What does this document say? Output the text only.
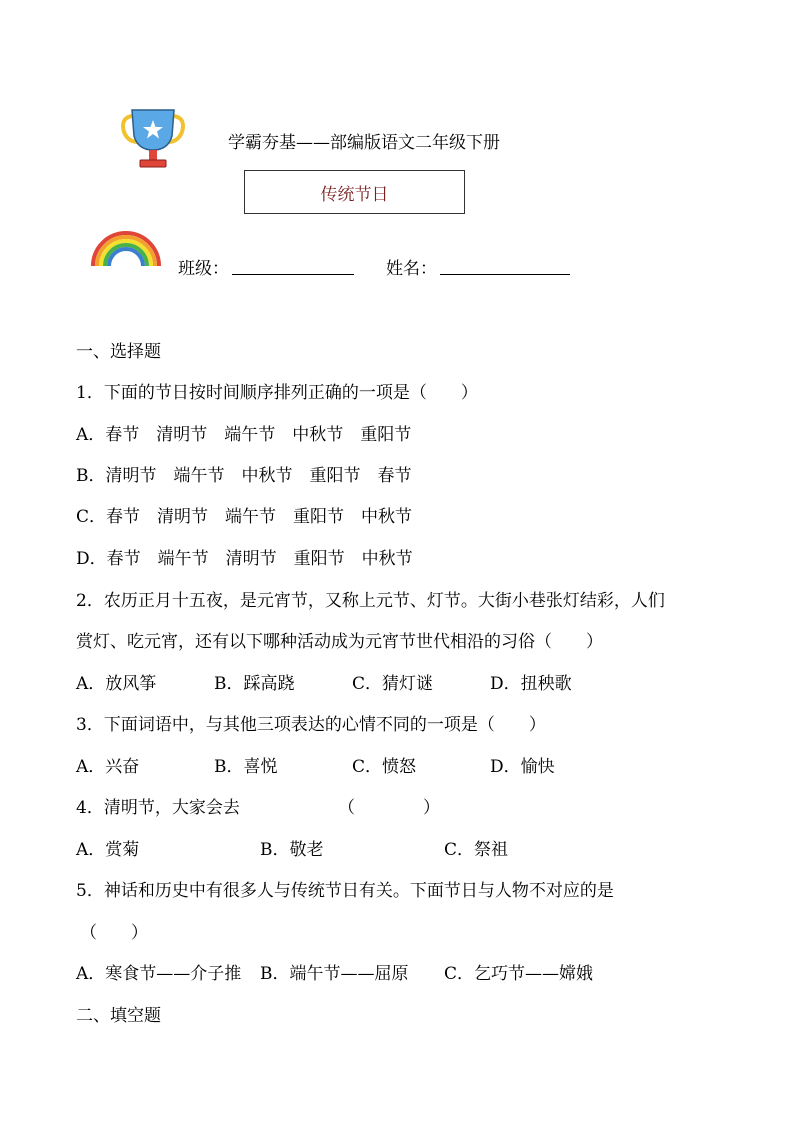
学霸夯基——部编版语文二年级下册
传统节日
班级：	姓名：
一、选择题
1．下面的节日按时间顺序排列正确的一项是（　　）
A．春节　清明节　端午节　中秋节　重阳节
B．清明节　端午节　中秋节　重阳节　春节
C．春节　清明节　端午节　重阳节　中秋节
D．春节　端午节　清明节　重阳节　中秋节
2．农历正月十五夜，是元宵节，又称上元节、灯节。大街小巷张灯结彩，人们
赏灯、吃元宵，还有以下哪种活动成为元宵节世代相沿的习俗（　　）
A．放风筝	B．踩高跷	C．猜灯谜	D．扭秧歌
3．下面词语中，与其他三项表达的心情不同的一项是（　　）
A．兴奋	B．喜悦	C．愤怒	D．愉快
4．清明节，大家会去	（　　　　）
A．赏菊	B．敬老	C．祭祖
5．神话和历史中有很多人与传统节日有关。下面节日与人物不对应的是
（　　）
A．寒食节——介子推 B．端午节——屈原 C．乞巧节——嫦娥
二、填空题
